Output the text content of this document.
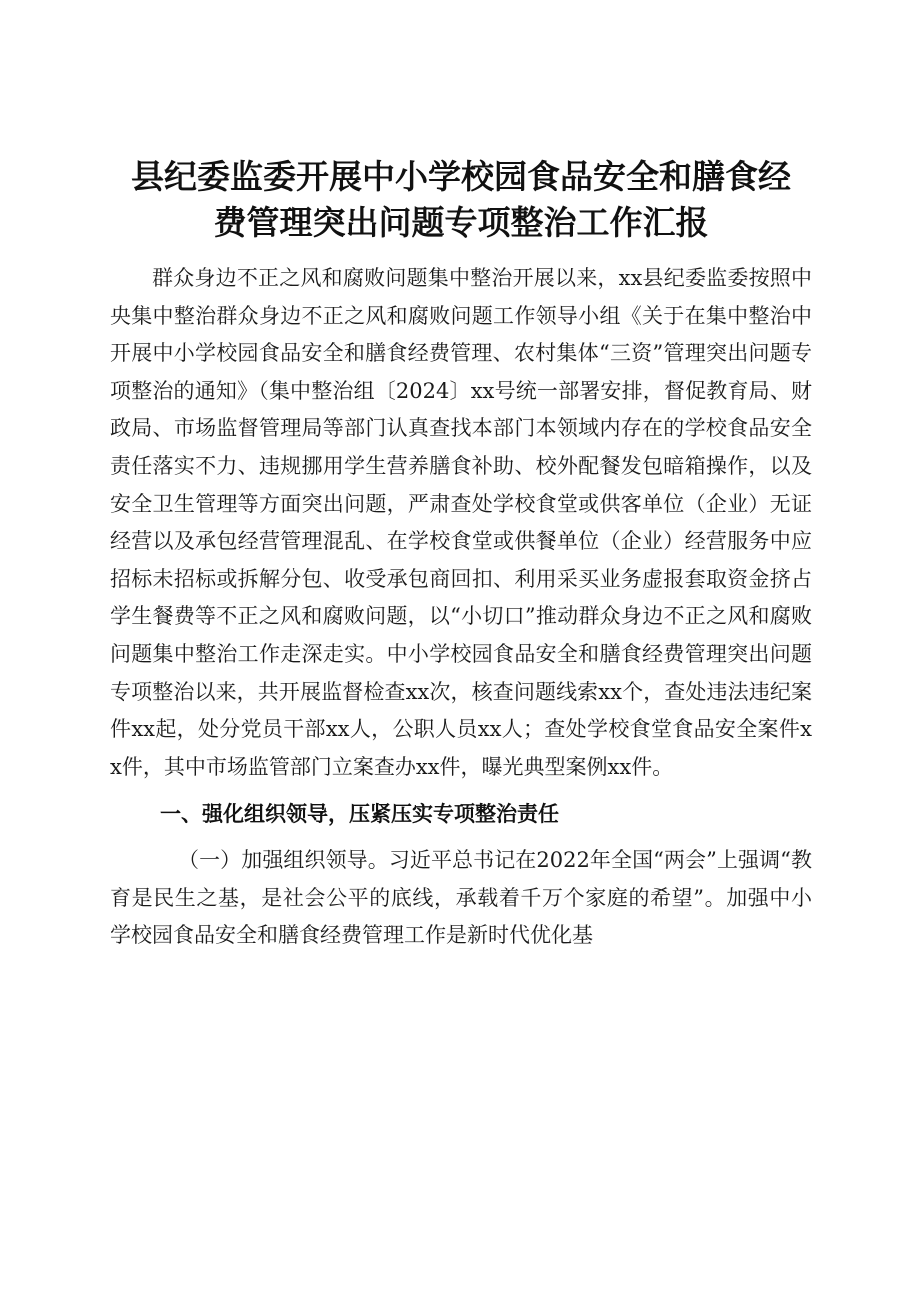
县纪委监委开展中小学校园食品安全和膳食经
费管理突出问题专项整治工作汇报

群众身边不正之风和腐败问题集中整治开展以来，xx县纪委监委按照中央集中整治群众身边不正之风和腐败问题工作领导小组《关于在集中整治中开展中小学校园食品安全和膳食经费管理、农村集体“三资”管理突出问题专项整治的通知》（集中整治组〔2024〕xx号统一部署安排，督促教育局、财政局、市场监督管理局等部门认真查找本部门本领域内存在的学校食品安全责任落实不力、违规挪用学生营养膳食补助、校外配餐发包暗箱操作，以及安全卫生管理等方面突出问题，严肃查处学校食堂或供客单位（企业）无证经营以及承包经营管理混乱、在学校食堂或供餐单位（企业）经营服务中应招标未招标或拆解分包、收受承包商回扣、利用采买业务虚报套取资金挤占学生餐费等不正之风和腐败问题，以“小切口”推动群众身边不正之风和腐败问题集中整治工作走深走实。中小学校园食品安全和膳食经费管理突出问题专项整治以来，共开展监督检查xx次，核查问题线索xx个，查处违法违纪案件xx起，处分党员干部xx人，公职人员xx人；查处学校食堂食品安全案件xx件，其中市场监管部门立案查办xx件，曝光典型案例xx件。

一、强化组织领导，压紧压实专项整治责任

（一）加强组织领导。习近平总书记在2022年全国“两会”上强调“教育是民生之基，是社会公平的底线，承载着千万个家庭的希望”。加强中小学校园食品安全和膳食经费管理工作是新时代优化基
